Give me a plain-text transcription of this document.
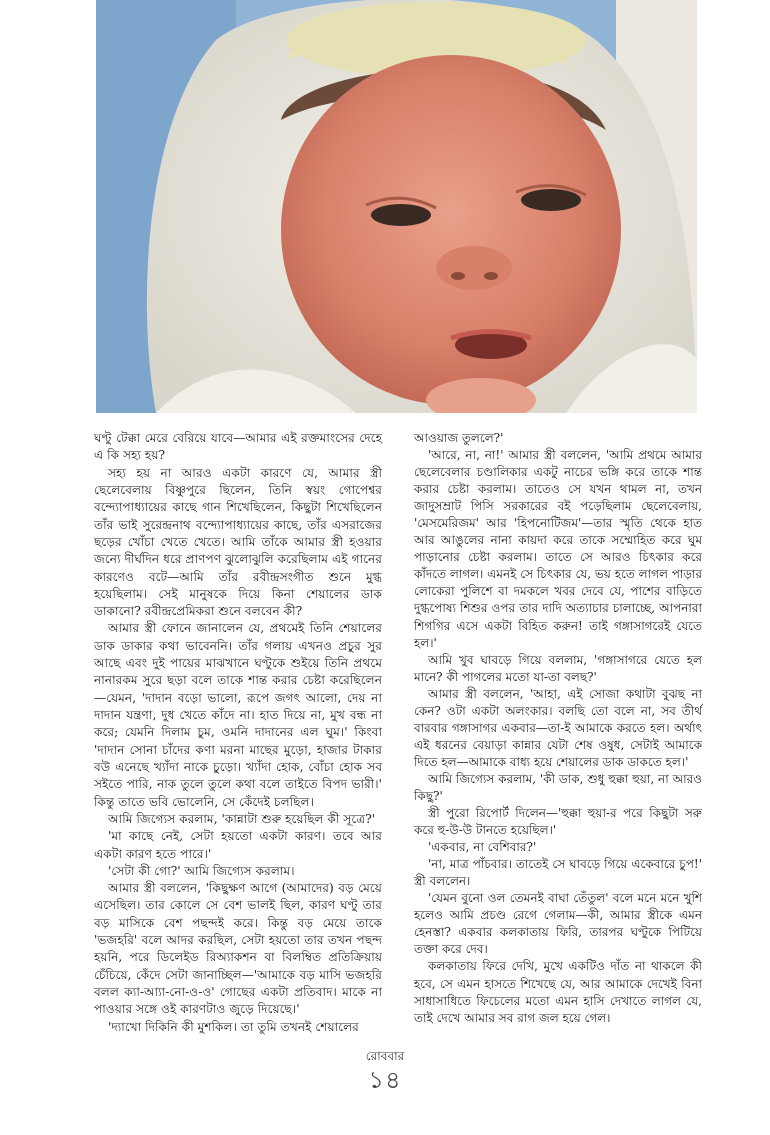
ঘণ্টু টেক্কা মেরে বেরিয়ে যাবে—আমার এই রক্তমাংসের দেহে এ কি সহ্য হয়?

সহ্য হয় না আরও একটা কারণে যে, আমার স্ত্রী ছেলেবেলায় বিষ্ণুপুরে ছিলেন, তিনি স্বয়ং গোপেশ্বর বন্দ্যোপাধ্যায়ের কাছে গান শিখেছিলেন, কিছুটা শিখেছিলেন তাঁর ভাই সুরেন্দ্রনাথ বন্দ্যোপাধ্যায়ের কাছে, তাঁর এসরাজের ছড়ের খোঁচা খেতে খেতে। আমি তাঁকে আমার স্ত্রী হওয়ার জন্যে দীর্ঘদিন ধরে প্রাণপণ ঝুলোঝুলি করেছিলাম এই গানের কারণেও বটে—আমি তাঁর রবীন্দ্রসংগীত শুনে মুগ্ধ হয়েছিলাম। সেই মানুষকে দিয়ে কিনা শেয়ালের ডাক ডাকানো? রবীন্দ্রপ্রেমিকরা শুনে বলবেন কী?

আমার স্ত্রী ফোনে জানালেন যে, প্রথমেই তিনি শেয়ালের ডাক ডাকার কথা ভাবেননি। তাঁর গলায় এখনও প্রচুর সুর আছে এবং দুই পায়ের মাঝখানে ঘণ্টুকে শুইয়ে তিনি প্রথমে নানারকম সুরে ছড়া বলে তাকে শান্ত করার চেষ্টা করেছিলেন—যেমন, 'দাদান বড়ো ভালো, রূপে জগৎ আলো, দেয় না দাদান যন্ত্রণা, দুধ খেতে কাঁদে না। হাত দিয়ে না, মুখ বন্ধ না করে; যেমনি দিলাম চুম, ওমনি দাদানের এল ঘুম।' কিংবা 'দাদান সোনা চাঁদের কণা মরনা মাছের মুড়ো, হাজার টাকার বউ এনেছে খ্যাঁদা নাকে চুড়ো। খ্যাঁদা হোক, বোঁচা হোক সব সইতে পারি, নাক তুলে তুলে কথা বলে তাইতে বিপদ ভারী।' কিন্তু তাতে ভবি ভোলেনি, সে কেঁদেই চলছিল।

আমি জিগ্যেস করলাম, 'কান্নাটা শুরু হয়েছিল কী সূত্রে?'

'মা কাছে নেই, সেটা হয়তো একটা কারণ। তবে আর একটা কারণ হতে পারে।'

'সেটা কী গো?' আমি জিগ্যেস করলাম।

আমার স্ত্রী বললেন, 'কিছুক্ষণ আগে (আমাদের) বড় মেয়ে এসেছিল। তার কোলে সে বেশ ভালই ছিল, কারণ ঘণ্টু তার বড় মাসিকে বেশ পছন্দই করে। কিন্তু বড় মেয়ে তাকে 'ভজহরি' বলে আদর করছিল, সেটা হয়তো তার তখন পছন্দ হয়নি, পরে ডিলেইড রিঅ্যাকশন বা বিলম্বিত প্রতিক্রিয়ায় চেঁচিয়ে, কেঁদে সেটা জানাচ্ছিল—'আমাকে বড় মাসি ভজহরি বলল ক্যা-আ্যা-নো-ও-ও' গোছের একটা প্রতিবাদ। মাকে না পাওয়ার সঙ্গে ওই কারণটাও জুড়ে দিয়েছে।'

'দ্যাখো দিকিনি কী মুশকিল। তা তুমি তখনই শেয়ালের

আওয়াজ তুললে?'

'আরে, না, না!' আমার স্ত্রী বললেন, 'আমি প্রথমে আমার ছেলেবেলার চণ্ডালিকার একটু নাচের ভঙ্গি করে তাকে শান্ত করার চেষ্টা করলাম। তাতেও সে যখন থামল না, তখন জাদুসম্রাট পিসি সরকারের বই পড়েছিলাম ছেলেবেলায়, 'মেসমেরিজম' আর 'হিপনোটিজম'—তার স্মৃতি থেকে হাত আর আঙুলের নানা কায়দা করে তাকে সম্মোহিত করে ঘুম পাড়ানোর চেষ্টা করলাম। তাতে সে আরও চিৎকার করে কাঁদতে লাগল। এমনই সে চিৎকার যে, ভয় হতে লাগল পাড়ার লোকেরা পুলিশে বা দমকলে খবর দেবে যে, পাশের বাড়িতে দুগ্ধপোষ্য শিশুর ওপর তার দাদি অত্যাচার চালাচ্ছে, আপনারা শিগগির এসে একটা বিহিত করুন! তাই গঙ্গাসাগরেই যেতে হল।'

আমি খুব ঘাবড়ে গিয়ে বললাম, 'গঙ্গাসাগরে যেতে হল মানে? কী পাগলের মতো যা-তা বলছ?'

আমার স্ত্রী বললেন, 'আহা, এই সোজা কথাটা বুঝছ না কেন? ওটা একটা অলংকার। বলছি তো বলে না, সব তীর্থ বারবার গঙ্গাসাগর একবার—তা-ই আমাকে করতে হল। অর্থাৎ এই ধরনের বেয়াড়া কান্নার যেটা শেষ ওষুধ, সেটাই আমাকে দিতে হল—আমাকে বাধ্য হয়ে শেয়ালের ডাক ডাকতে হল।'

আমি জিগ্যেস করলাম, 'কী ডাক, শুধু হুক্কা হুয়া, না আরও কিছু?'

স্ত্রী পুরো রিপোর্ট দিলেন—'হুক্কা হুয়া-র পরে কিছুটা সরু করে হু-উ-উ টানতে হয়েছিল।'

'একবার, না বেশিবার?'

'না, মাত্র পাঁচবার। তাতেই সে ঘাবড়ে গিয়ে একেবারে চুপ!' স্ত্রী বললেন।

'যেমন বুনো ওল তেমনই বাঘা তেঁতুল' বলে মনে মনে খুশি হলেও আমি প্রচণ্ড রেগে গেলাম—কী, আমার স্ত্রীকে এমন হেনস্তা? একবার কলকাতায় ফিরি, তারপর ঘণ্টুকে পিটিয়ে তক্তা করে দেব।

কলকাতায় ফিরে দেখি, মুখে একটিও দাঁত না থাকলে কী হবে, সে এমন হাসতে শিখেছে যে, আর আমাকে দেখেই বিনা সাধাসাধিতে ফিচেলের মতো এমন হাসি দেখাতে লাগল যে, তাই দেখে আমার সব রাগ জল হয়ে গেল।

রোববার
১৪
